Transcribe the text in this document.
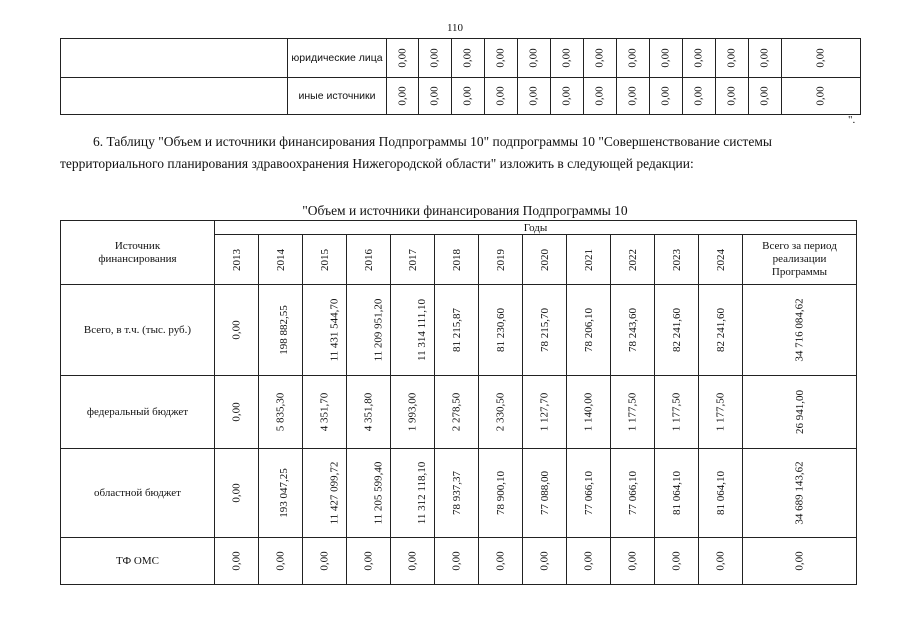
110
	юридические лица	0,00	0,00	0,00	0,00	0,00	0,00	0,00	0,00	0,00	0,00	0,00	0,00	0,00
	иные источники	0,00	0,00	0,00	0,00	0,00	0,00	0,00	0,00	0,00	0,00	0,00	0,00	0,00
".
6. Таблицу "Объем и источники финансирования Подпрограммы 10" подпрограммы 10 "Совершенствование системы
территориального планирования здравоохранения Нижегородской области" изложить в следующей редакции:
"Объем и источники финансирования Подпрограммы 10
Источник финансирования	Годы												
	2013	2014	2015	2016	2017	2018	2019	2020	2021	2022	2023	2024	Всего за период реализации Программы
Всего, в т.ч. (тыс. руб.)	0,00	198 882,55	11 431 544,70	11 209 951,20	11 314 111,10	81 215,87	81 230,60	78 215,70	78 206,10	78 243,60	82 241,60	82 241,60	34 716 084,62
федеральный бюджет	0,00	5 835,30	4 351,70	4 351,80	1 993,00	2 278,50	2 330,50	1 127,70	1 140,00	1 177,50	1 177,50	1 177,50	26 941,00
областной бюджет	0,00	193 047,25	11 427 099,72	11 205 599,40	11 312 118,10	78 937,37	78 900,10	77 088,00	77 066,10	77 066,10	81 064,10	81 064,10	34 689 143,62
ТФ ОМС	0,00	0,00	0,00	0,00	0,00	0,00	0,00	0,00	0,00	0,00	0,00	0,00	0,00
